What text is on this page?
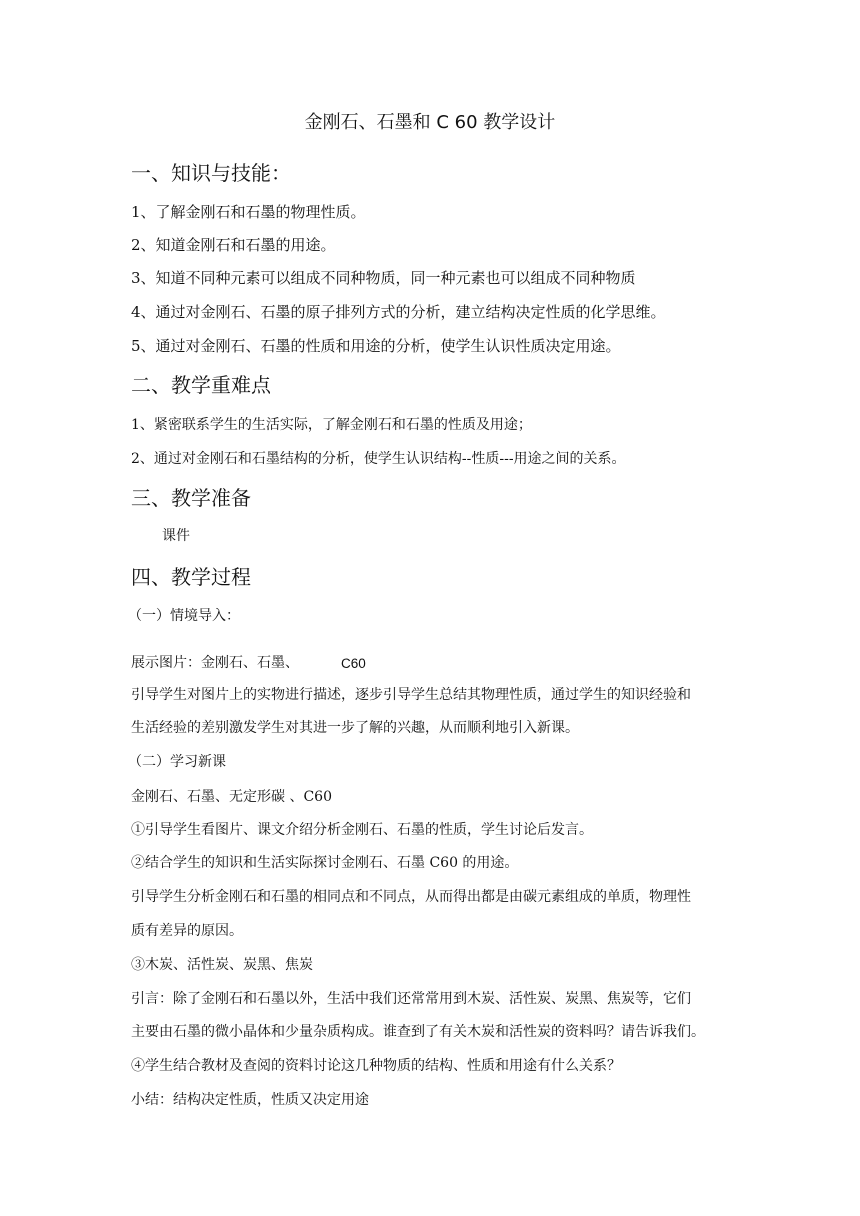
金刚石、石墨和 C 60 教学设计
一、知识与技能：
1、了解金刚石和石墨的物理性质。
2、知道金刚石和石墨的用途。
3、知道不同种元素可以组成不同种物质，同一种元素也可以组成不同种物质
4、通过对金刚石、石墨的原子排列方式的分析，建立结构决定性质的化学思维。
5、通过对金刚石、石墨的性质和用途的分析，使学生认识性质决定用途。
二、教学重难点
1、紧密联系学生的生活实际，了解金刚石和石墨的性质及用途；
2、通过对金刚石和石墨结构的分析，使学生认识结构--性质---用途之间的关系。
三、教学准备
课件
四、教学过程
（一）情境导入：
展示图片：金刚石、石墨、	C60
引导学生对图片上的实物进行描述，逐步引导学生总结其物理性质，通过学生的知识经验和
生活经验的差别激发学生对其进一步了解的兴趣，从而顺利地引入新课。
（二）学习新课
金刚石、石墨、无定形碳 、C60
①引导学生看图片、课文介绍分析金刚石、石墨的性质，学生讨论后发言。
②结合学生的知识和生活实际探讨金刚石、石墨 C60 的用途。
引导学生分析金刚石和石墨的相同点和不同点，从而得出都是由碳元素组成的单质，物理性
质有差异的原因。
③木炭、活性炭、炭黑、焦炭
引言：除了金刚石和石墨以外，生活中我们还常常用到木炭、活性炭、炭黑、焦炭等，它们
主要由石墨的微小晶体和少量杂质构成。谁查到了有关木炭和活性炭的资料吗？请告诉我们。
④学生结合教材及查阅的资料讨论这几种物质的结构、性质和用途有什么关系？
小结：结构决定性质，性质又决定用途
